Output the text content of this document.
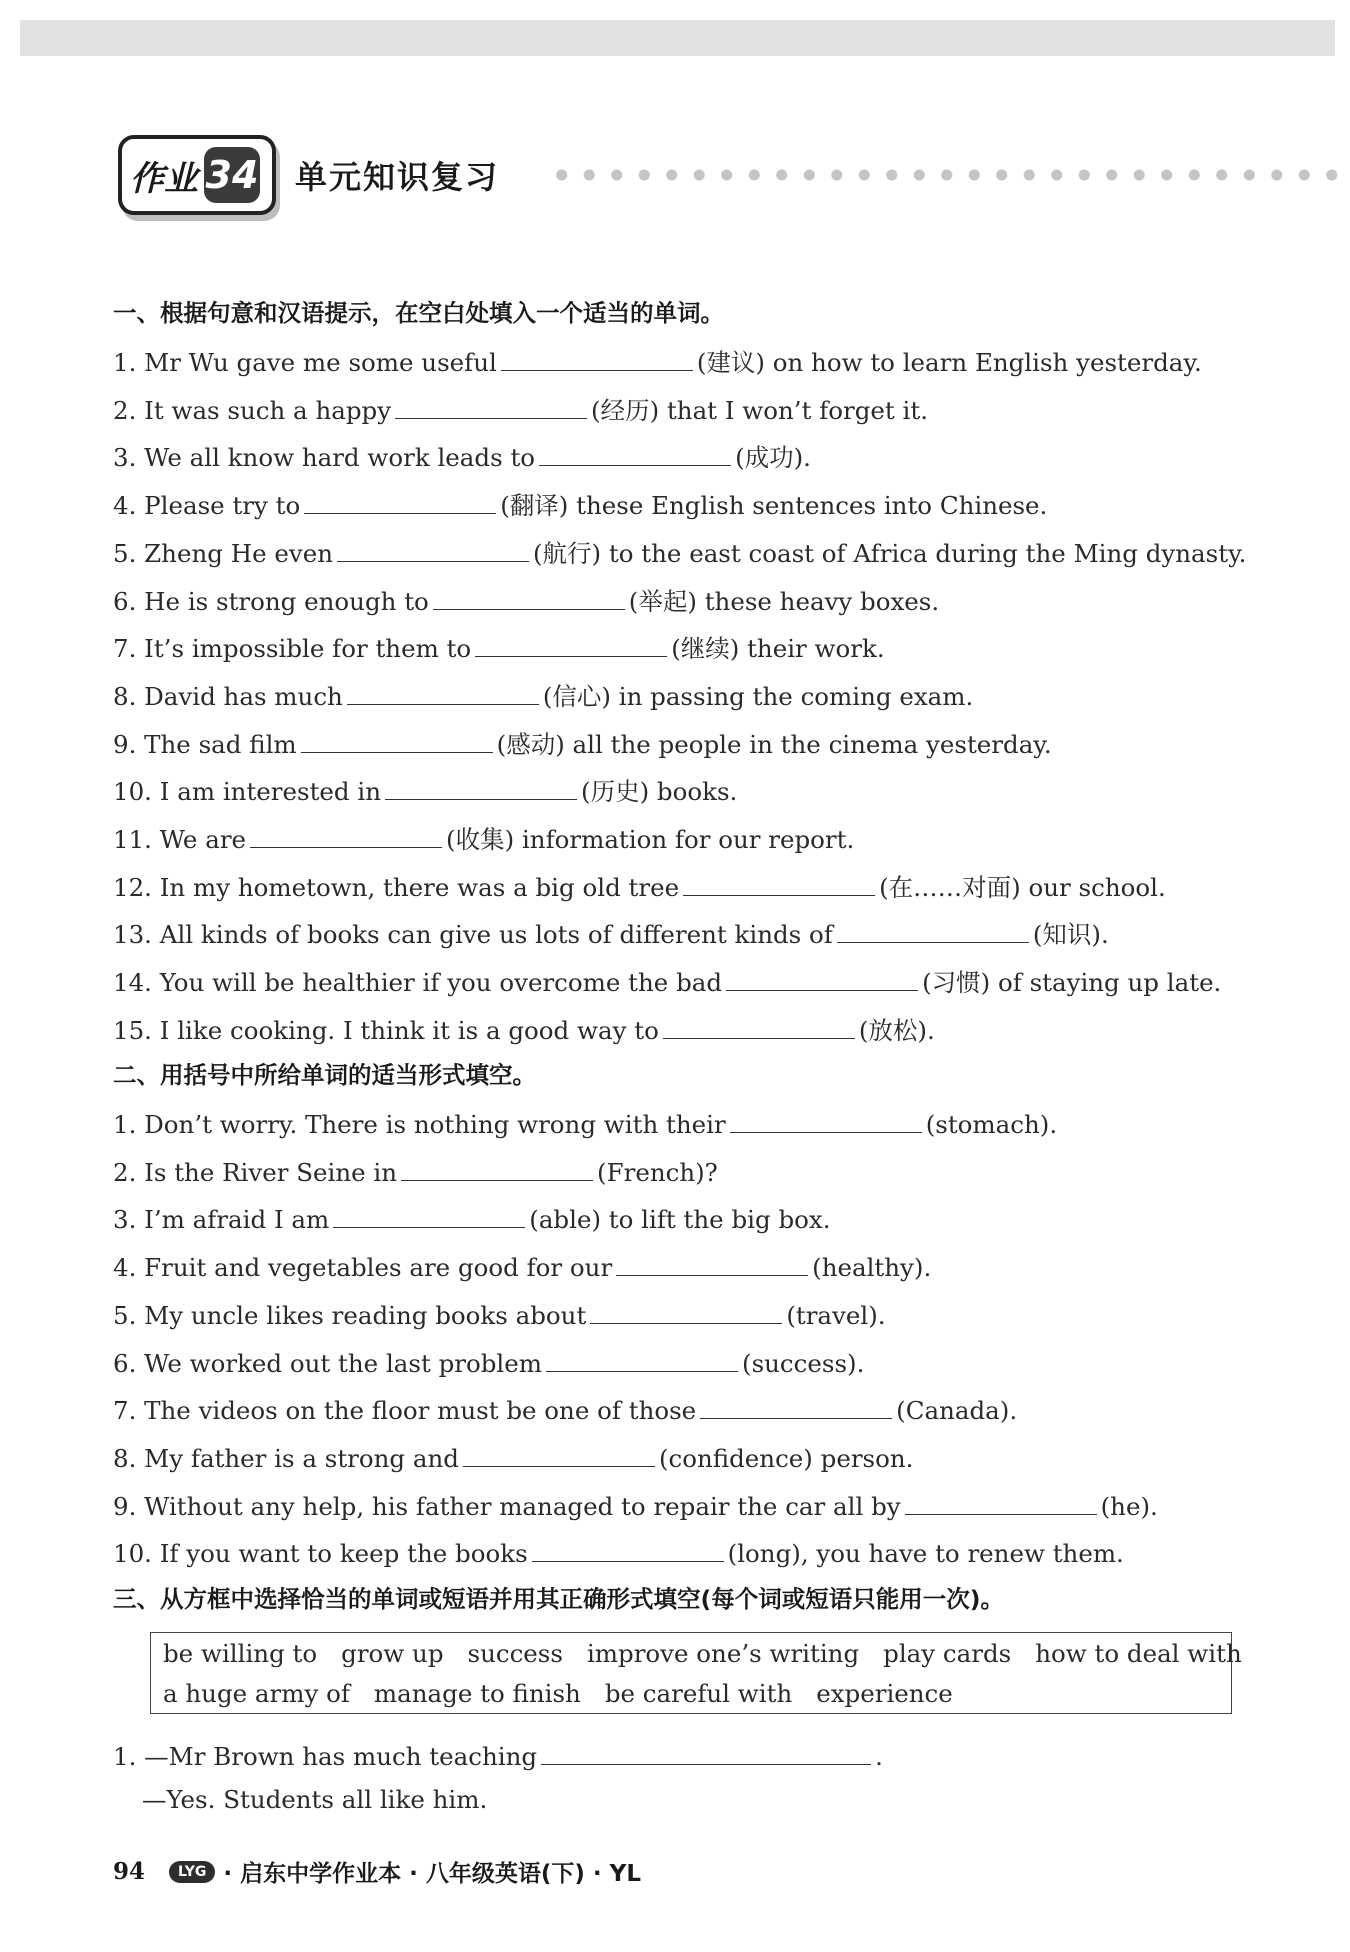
作业 34 单元知识复习
一、根据句意和汉语提示，在空白处填入一个适当的单词。
1. Mr Wu gave me some useful	(建议) on how to learn English yesterday.
2. It was such a happy	(经历) that I won’t forget it.
3. We all know hard work leads to	(成功).
4. Please try to	(翻译) these English sentences into Chinese.
5. Zheng He even	(航行) to the east coast of Africa during the Ming dynasty.
6. He is strong enough to	(举起) these heavy boxes.
7. It’s impossible for them to	(继续) their work.
8. David has much	(信心) in passing the coming exam.
9. The sad film	(感动) all the people in the cinema yesterday.
10. I am interested in	(历史) books.
11. We are	(收集) information for our report.
12. In my hometown, there was a big old tree	(在……对面) our school.
13. All kinds of books can give us lots of different kinds of	(知识).
14. You will be healthier if you overcome the bad	(习惯) of staying up late.
15. I like cooking. I think it is a good way to	(放松).
二、用括号中所给单词的适当形式填空。
1. Don’t worry. There is nothing wrong with their	(stomach).
2. Is the River Seine in	(French)?
3. I’m afraid I am	(able) to lift the big box.
4. Fruit and vegetables are good for our	(healthy).
5. My uncle likes reading books about	(travel).
6. We worked out the last problem	(success).
7. The videos on the floor must be one of those	(Canada).
8. My father is a strong and	(confidence) person.
9. Without any help, his father managed to repair the car all by	(he).
10. If you want to keep the books	(long), you have to renew them.
三、从方框中选择恰当的单词或短语并用其正确形式填空(每个词或短语只能用一次)。
be willing to grow up success improve one’s writing play cards how to deal with
a huge army of manage to finish be careful with experience
1. —Mr Brown has much teaching	.
—Yes. Students all like him.
94	LYG · 启东中学作业本 · 八年级英语(下) · YL
